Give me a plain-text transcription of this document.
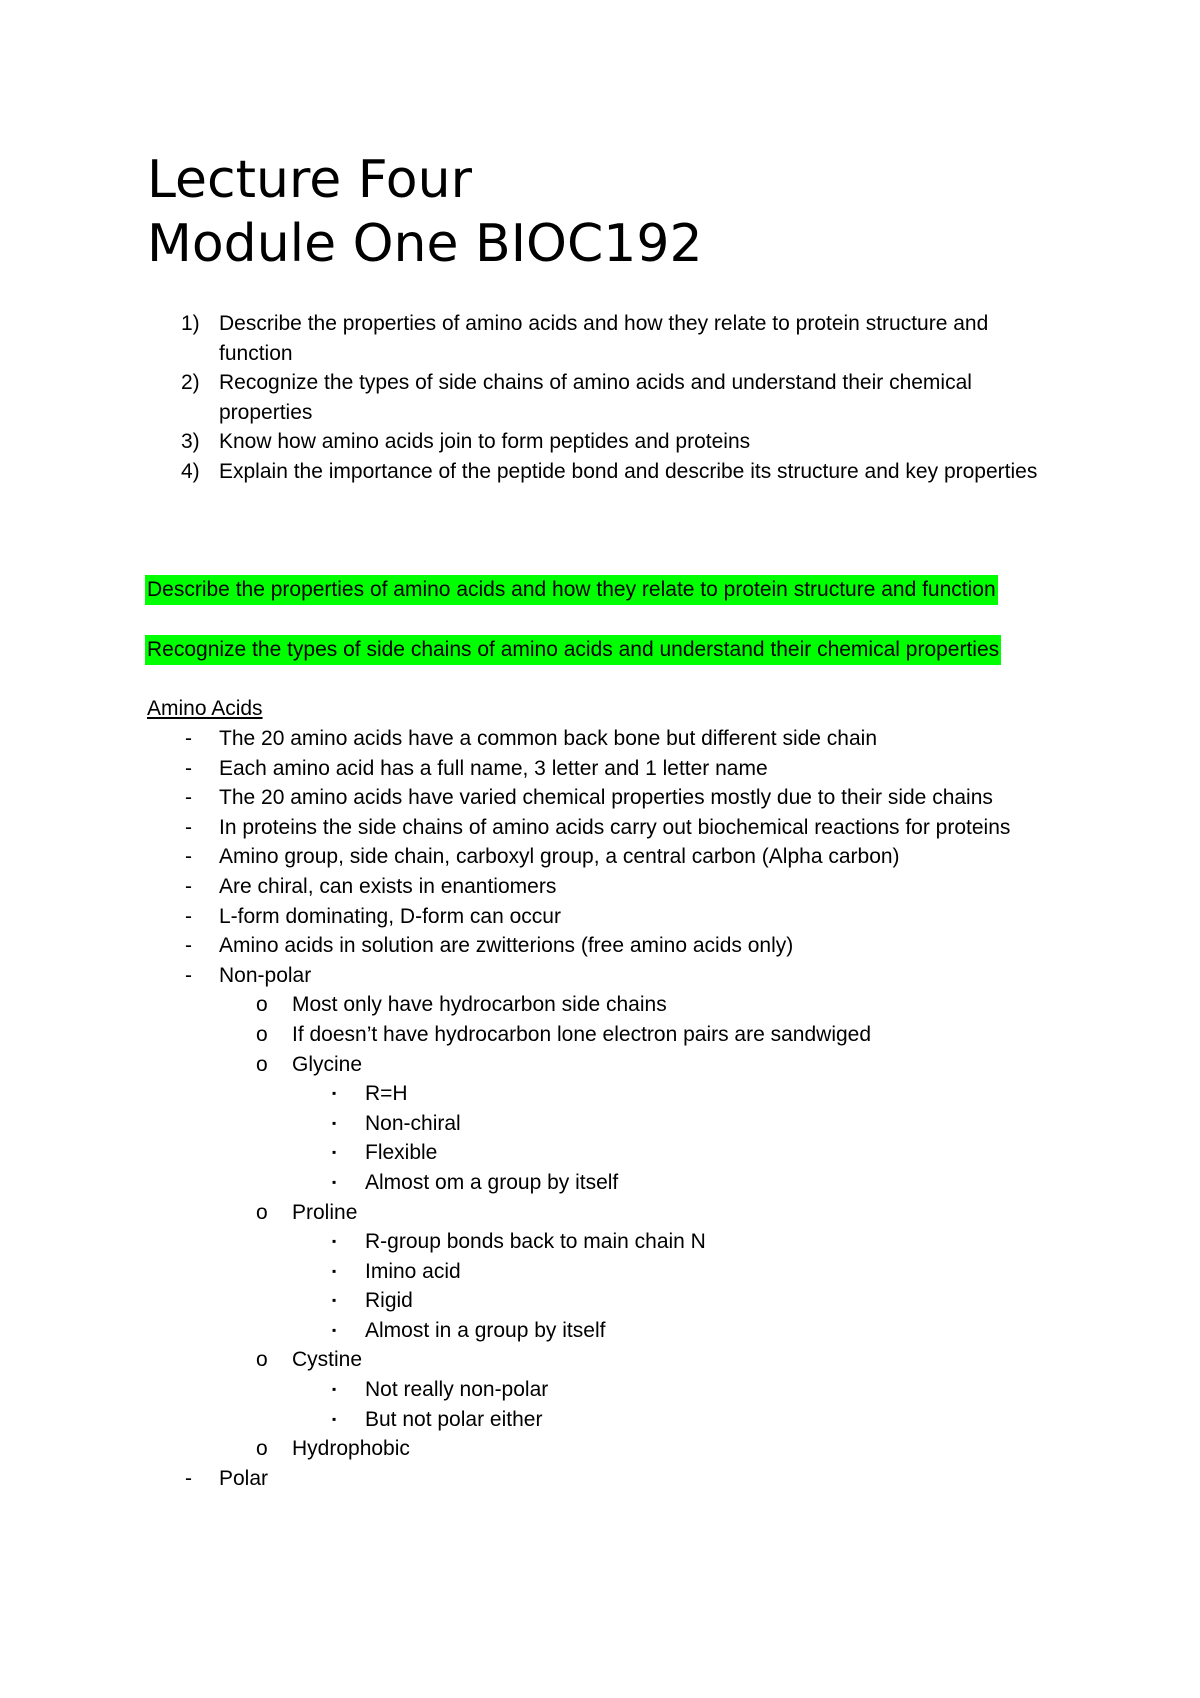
Lecture Four
Module One BIOC192
1) Describe the properties of amino acids and how they relate to protein structure and function
2) Recognize the types of side chains of amino acids and understand their chemical properties
3) Know how amino acids join to form peptides and proteins
4) Explain the importance of the peptide bond and describe its structure and key properties

Describe the properties of amino acids and how they relate to protein structure and function

Recognize the types of side chains of amino acids and understand their chemical properties

Amino Acids

- The 20 amino acids have a common back bone but different side chain
- Each amino acid has a full name, 3 letter and 1 letter name
- The 20 amino acids have varied chemical properties mostly due to their side chains
- In proteins the side chains of amino acids carry out biochemical reactions for proteins
- Amino group, side chain, carboxyl group, a central carbon (Alpha carbon)
- Are chiral, can exists in enantiomers
- L-form dominating, D-form can occur
- Amino acids in solution are zwitterions (free amino acids only)
- Non-polar
o Most only have hydrocarbon side chains
o If doesn’t have hydrocarbon lone electron pairs are sandwiged
o Glycine
▪ R=H
▪ Non-chiral
▪ Flexible
▪ Almost om a group by itself
o Proline
▪ R-group bonds back to main chain N
▪ Imino acid
▪ Rigid
▪ Almost in a group by itself
o Cystine
▪ Not really non-polar
▪ But not polar either
o Hydrophobic
- Polar
